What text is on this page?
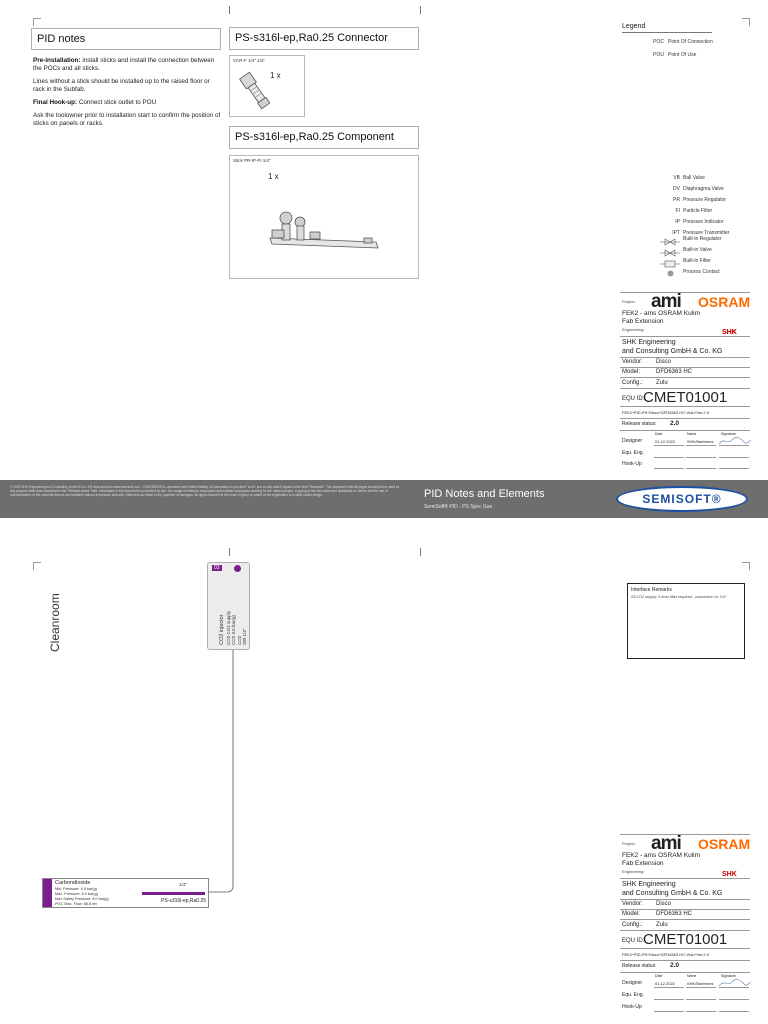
PID notes

Pre-installation: install sticks and install the connection between the POCs and all sticks.

Lines without a stick should be installed up to the raised floor or rack in the Subfab.

Final Hook-up: Connect stick outlet to POU

Ask the toolowner prior to installation start to confirm the position of sticks on panels or racks.

PS-s316l-ep,Ra0.25 Connector
VCR-F 1/4" 1/4"
1 x
PS-s316l-ep,Ra0.25 Component
Stick PR-IP-FI 1/4"
1 x
Legend
POC Point Of Connection
POU Point Of Use
VB Ball Valve
DV Diaphragma Valve
PR Pressure Regulator
FI Particle Filter
IP Pressure Indicator
IPT Pressure Transmitter
Built-in Regulator
Built-in Valve
Built-in Filter
Process Contact
Project: ami OSRAM
FEK2 - ams OSRAM Kulim
Fab Extension
Engineering:	SHK
SHK Engineering
and Consulting GmbH & Co. KG
Vendor: Disco
Model:	DFD6363 HC
Config.: Zulu
EQU ID:
CMET01001
FEK2^PID-PS^Disco^DFD6363 HC^Zulu^Ver.2.0
Release status: 2.0
Date	Name	Signature
Designer	01.12.2022	SHK/Barthmes
Equ. Eng.
Hook-Up
© 2022 SHK Engineering and Consulting GmbH & Co. KG www.shk.com www.semisoft.com - CONFIDENTIAL document with limited liability. All information is provided "As is" and is only valid if signed in the field "Released". This document with all pages should not be used for any purpose other than described in the "Release status" field. Information in the document is protected by law. The usage is limited to employees and contract employees working for the named project. Copying of this document and distribution to others and the use of communication of the contents thereof are forbidden without expressive authority. Offenders are liable to the payment of damages. All rights reserved in the event of grant of patent or the registration of a utility model design.	PID Notes and Elements
SemiSoft® PID - PS Spec Gas
SEMISOFT®
Cleanroom
03
CO2 injector CO2 CO2 supply CO2 3.5 bar(g) CO2 SW 1/4"
Interface Remarks
03:CO2 supply: 0.6mu filter required , connection to: 1/4"
Carbondioxide
Min. Pressure: 4.5 bar(g)
Max. Pressure: 6.0 bar(g)
Max Safety Pressure: 8.0 bar(g)
POC Max. Flow: 86.8 l/m
1/4"
PS-s316l-ep,Ra0.25
Project: ami OSRAM
FEK2 - ams OSRAM Kulim
Fab Extension
Engineering:	SHK
SHK Engineering
and Consulting GmbH & Co. KG
Vendor: Disco
Model:	DFD6363 HC
Config.: Zulu
EQU ID:
CMET01001
FEK2^PID-PS^Disco^DFD6363 HC^Zulu^Ver.2.0
Release status: 2.0
Date	Name	Signature
Designer	01.12.2022	SHK/Barthmes
Equ. Eng.
Hook-Up
